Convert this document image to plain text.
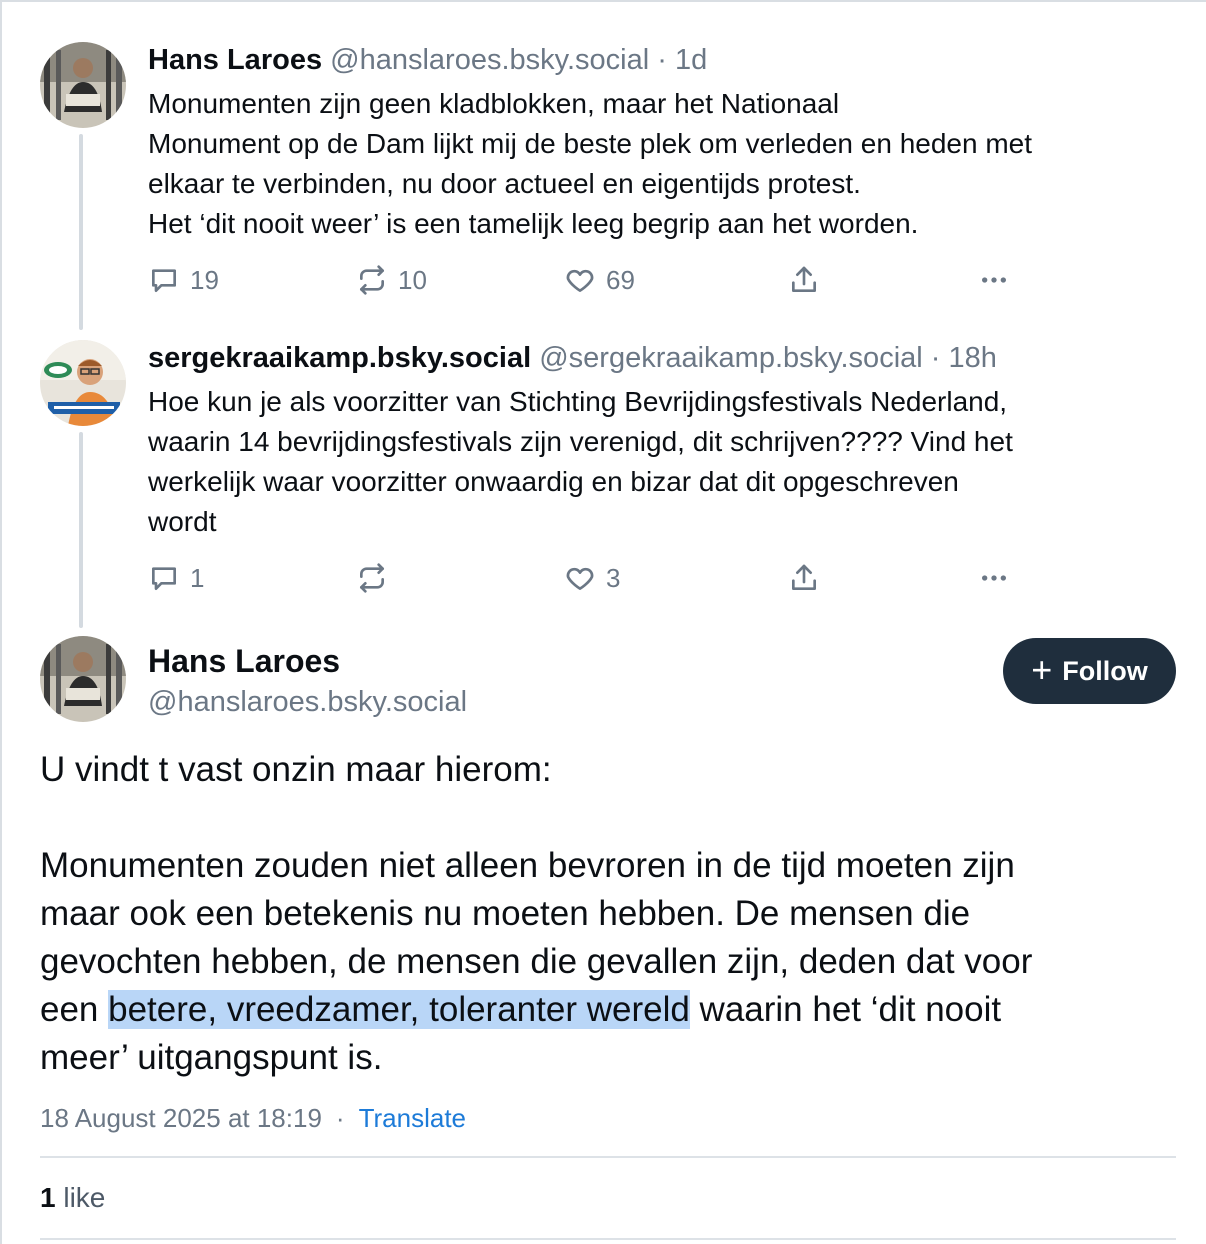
Hans Laroes @hanslaroes.bsky.social · 1d
Monumenten zijn geen kladblokken, maar het Nationaal
Monument op de Dam lijkt mij de beste plek om verleden en heden met
elkaar te verbinden, nu door actueel en eigentijds protest.
Het ‘dit nooit weer’ is een tamelijk leeg begrip aan het worden.
19	10	69
sergekraaikamp.bsky.social @sergekraaikamp.bsky.social · 18h
Hoe kun je als voorzitter van Stichting Bevrijdingsfestivals Nederland,
waarin 14 bevrijdingsfestivals zijn verenigd, dit schrijven???? Vind het
werkelijk waar voorzitter onwaardig en bizar dat dit opgeschreven
wordt
1	3
Hans Laroes
@hanslaroes.bsky.social
+ Follow
U vindt t vast onzin maar hierom:
Monumenten zouden niet alleen bevroren in de tijd moeten zijn
maar ook een betekenis nu moeten hebben. De mensen die
gevochten hebben, de mensen die gevallen zijn, deden dat voor
een betere, vreedzamer, toleranter wereld waarin het ‘dit nooit
meer’ uitgangspunt is.
18 August 2025 at 18:19 · Translate
1 like
